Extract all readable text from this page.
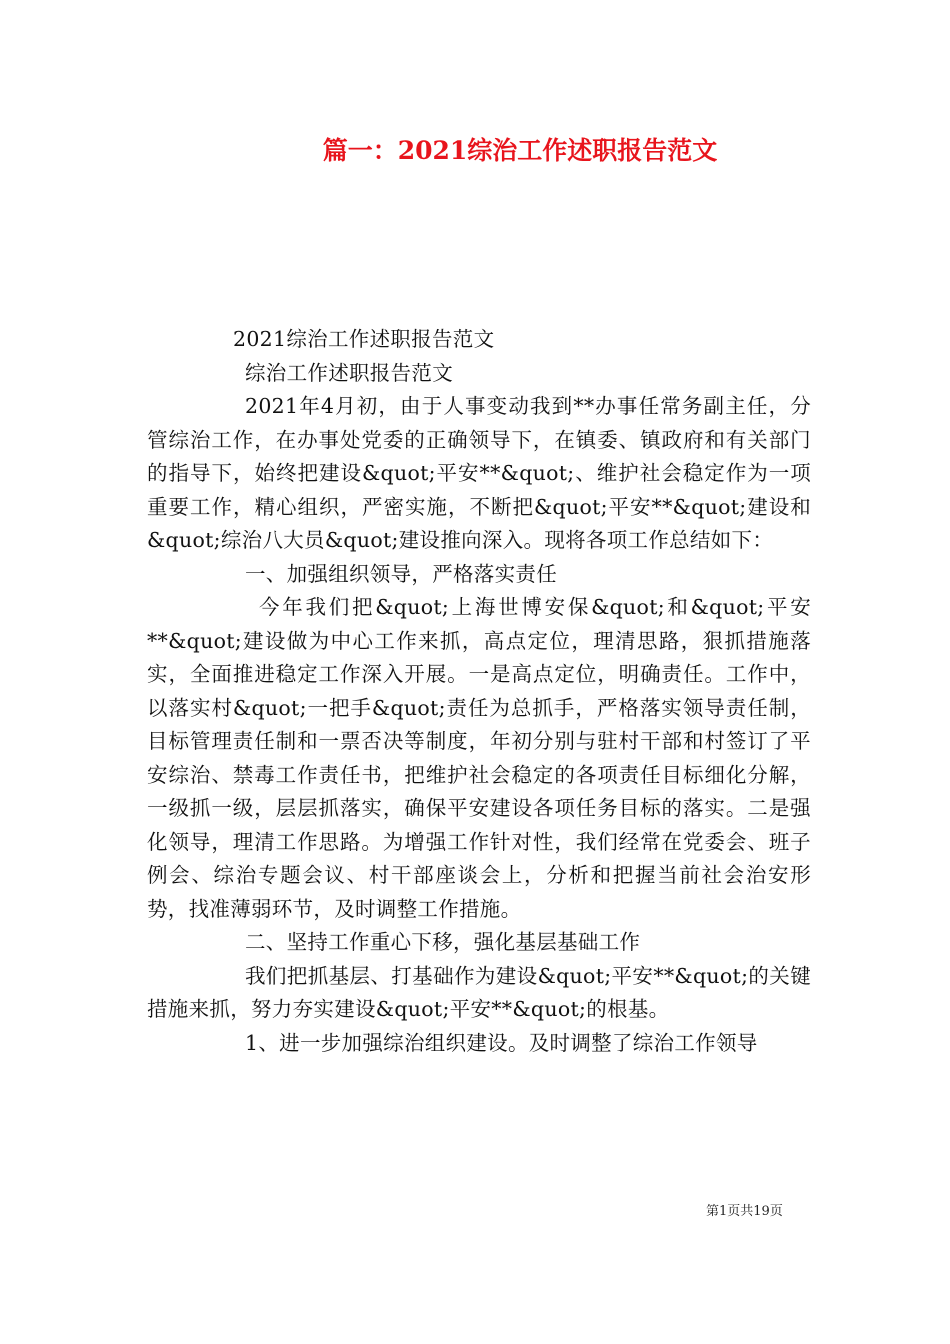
篇一：2021综治工作述职报告范文

2021综治工作述职报告范文

综治工作述职报告范文

2021年4月初，由于人事变动我到**办事任常务副主任，分管综治工作，在办事处党委的正确领导下，在镇委、镇政府和有关部门的指导下，始终把建设&quot;平安**&quot;、维护社会稳定作为一项重要工作，精心组织，严密实施，不断把&quot;平安**&quot;建设和&quot;综治八大员&quot;建设推向深入。现将各项工作总结如下：

一、加强组织领导，严格落实责任

今年我们把&quot;上海世博安保&quot;和&quot;平安**&quot;建设做为中心工作来抓，高点定位，理清思路，狠抓措施落实，全面推进稳定工作深入开展。一是高点定位，明确责任。工作中，以落实村&quot;一把手&quot;责任为总抓手，严格落实领导责任制，目标管理责任制和一票否决等制度，年初分别与驻村干部和村签订了平安综治、禁毒工作责任书，把维护社会稳定的各项责任目标细化分解，一级抓一级，层层抓落实，确保平安建设各项任务目标的落实。二是强化领导，理清工作思路。为增强工作针对性，我们经常在党委会、班子例会、综治专题会议、村干部座谈会上，分析和把握当前社会治安形势，找准薄弱环节，及时调整工作措施。

二、坚持工作重心下移，强化基层基础工作

我们把抓基层、打基础作为建设&quot;平安**&quot;的关键措施来抓，努力夯实建设&quot;平安**&quot;的根基。

1、进一步加强综治组织建设。及时调整了综治工作领导

第1页共19页
